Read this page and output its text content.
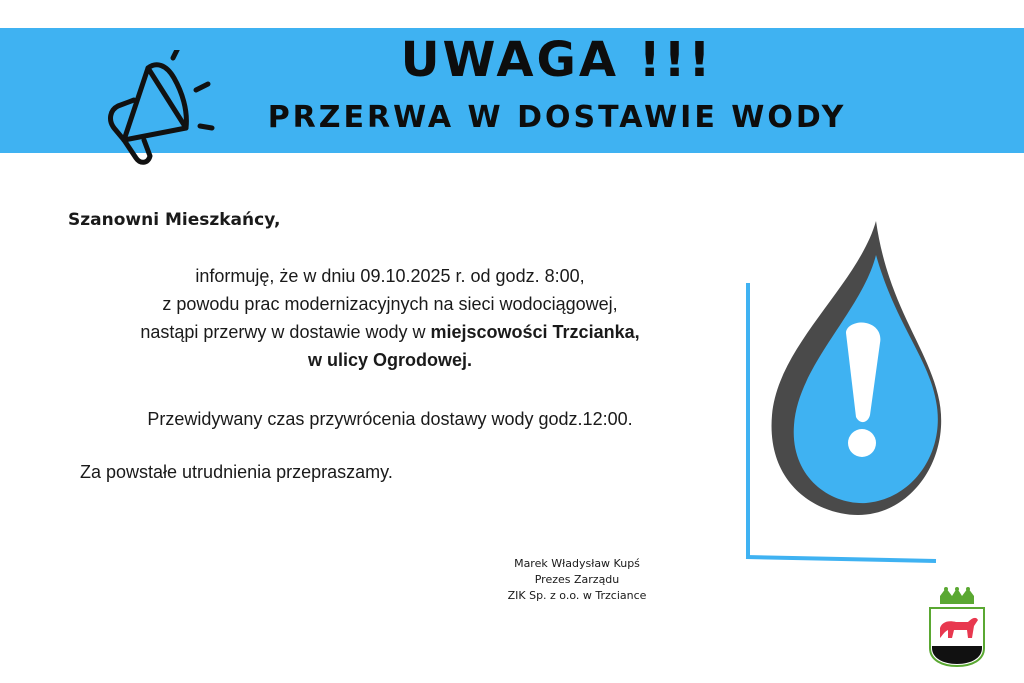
UWAGA !!!
PRZERWA W DOSTAWIE WODY

Szanowni Mieszkańcy,

informuję, że w dniu 09.10.2025 r. od godz. 8:00,
z powodu prac modernizacyjnych na sieci wodociągowej,
nastąpi przerwy w dostawie wody w miejscowości Trzcianka,
w ulicy Ogrodowej.

Przewidywany czas przywrócenia dostawy wody godz.12:00.

Za powstałe utrudnienia przepraszamy.

Marek Władysław Kupś
Prezes Zarządu
ZIK Sp. z o.o. w Trzciance
